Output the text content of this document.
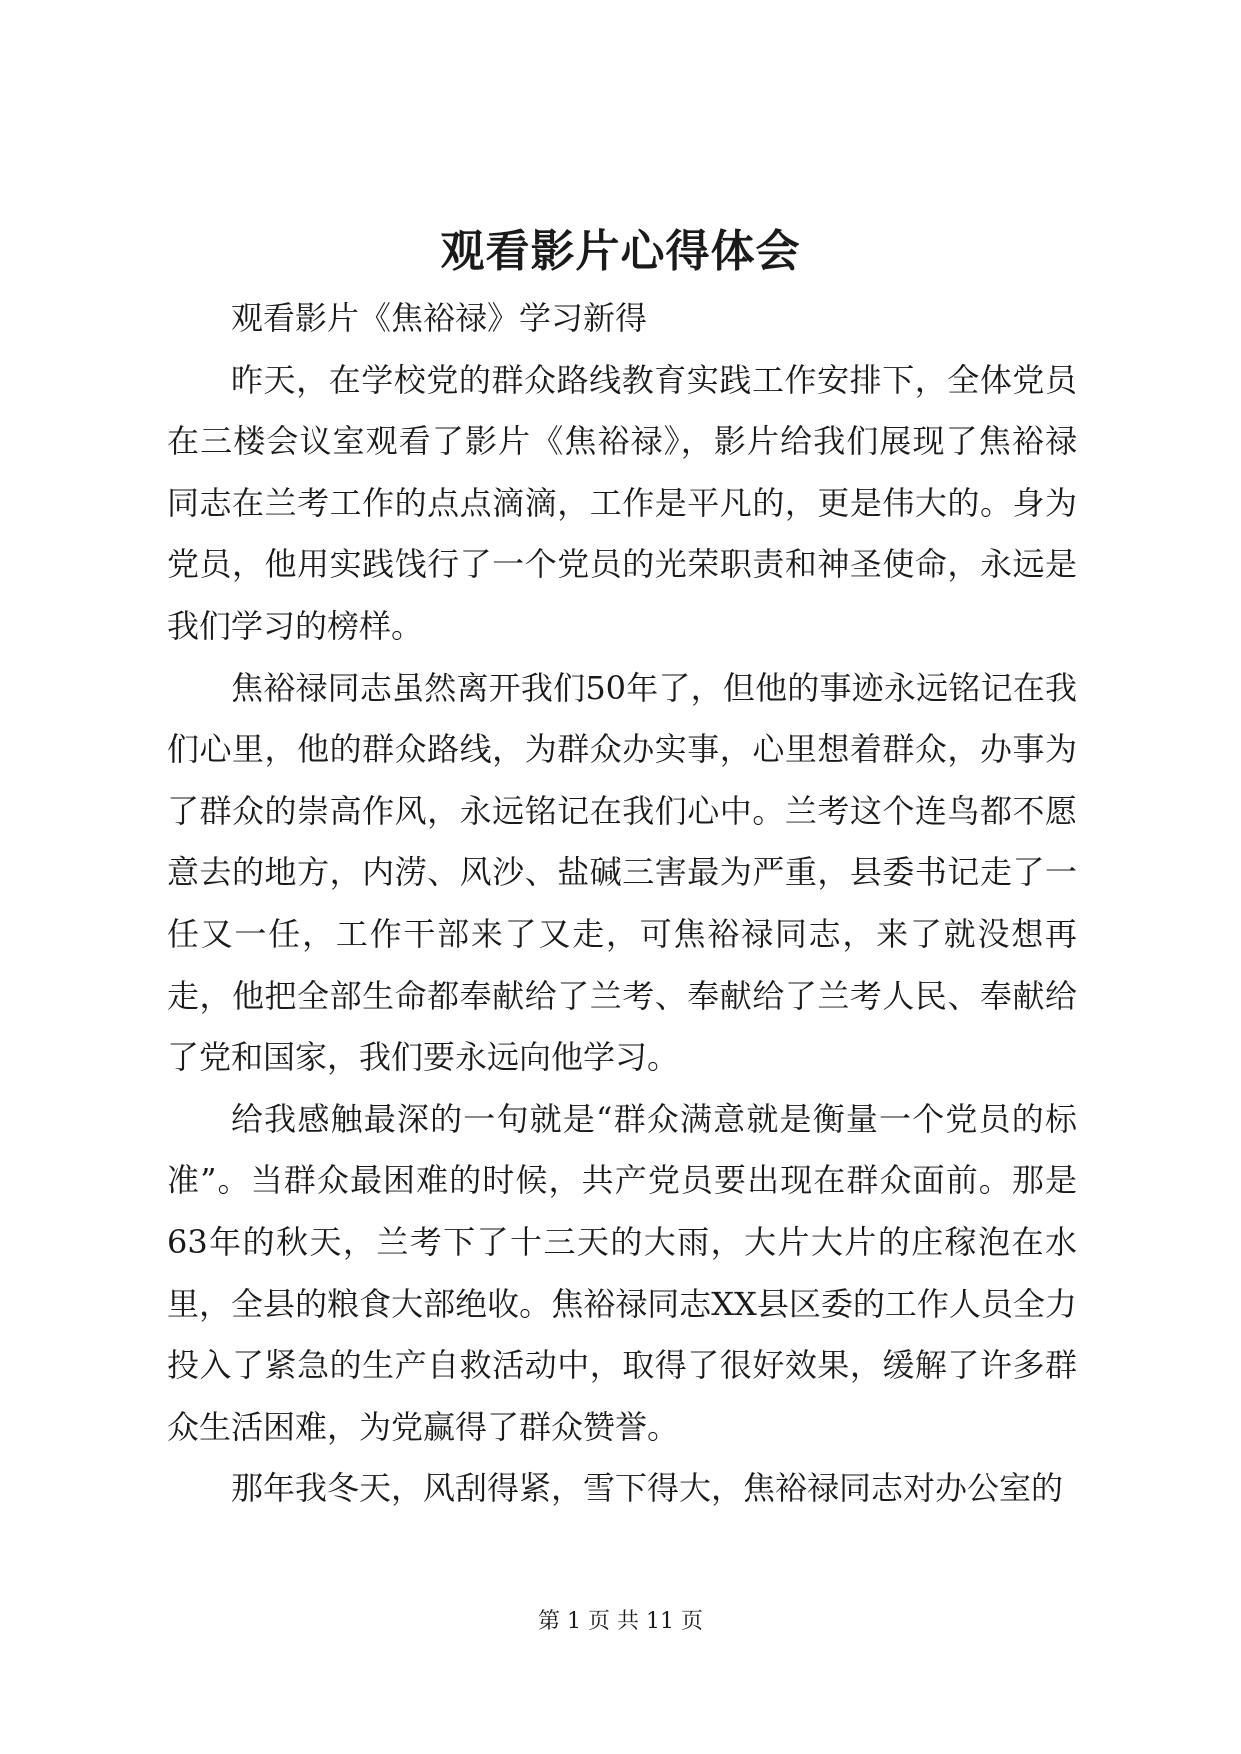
观看影片心得体会

观看影片《焦裕禄》学习新得

昨天，在学校党的群众路线教育实践工作安排下，全体党员在三楼会议室观看了影片《焦裕禄》，影片给我们展现了焦裕禄同志在兰考工作的点点滴滴，工作是平凡的，更是伟大的。身为党员，他用实践饯行了一个党员的光荣职责和神圣使命，永远是我们学习的榜样。

焦裕禄同志虽然离开我们50年了，但他的事迹永远铭记在我们心里，他的群众路线，为群众办实事，心里想着群众，办事为了群众的崇高作风，永远铭记在我们心中。兰考这个连鸟都不愿意去的地方，内涝、风沙、盐碱三害最为严重，县委书记走了一任又一任，工作干部来了又走，可焦裕禄同志，来了就没想再走，他把全部生命都奉献给了兰考、奉献给了兰考人民、奉献给了党和国家，我们要永远向他学习。

给我感触最深的一句就是“群众满意就是衡量一个党员的标准”。当群众最困难的时候，共产党员要出现在群众面前。那是63年的秋天，兰考下了十三天的大雨，大片大片的庄稼泡在水里，全县的粮食大部绝收。焦裕禄同志XX县区委的工作人员全力投入了紧急的生产自救活动中，取得了很好效果，缓解了许多群众生活困难，为党赢得了群众赞誉。

那年我冬天，风刮得紧，雪下得大，焦裕禄同志对办公室的

第 1 页 共 11 页
